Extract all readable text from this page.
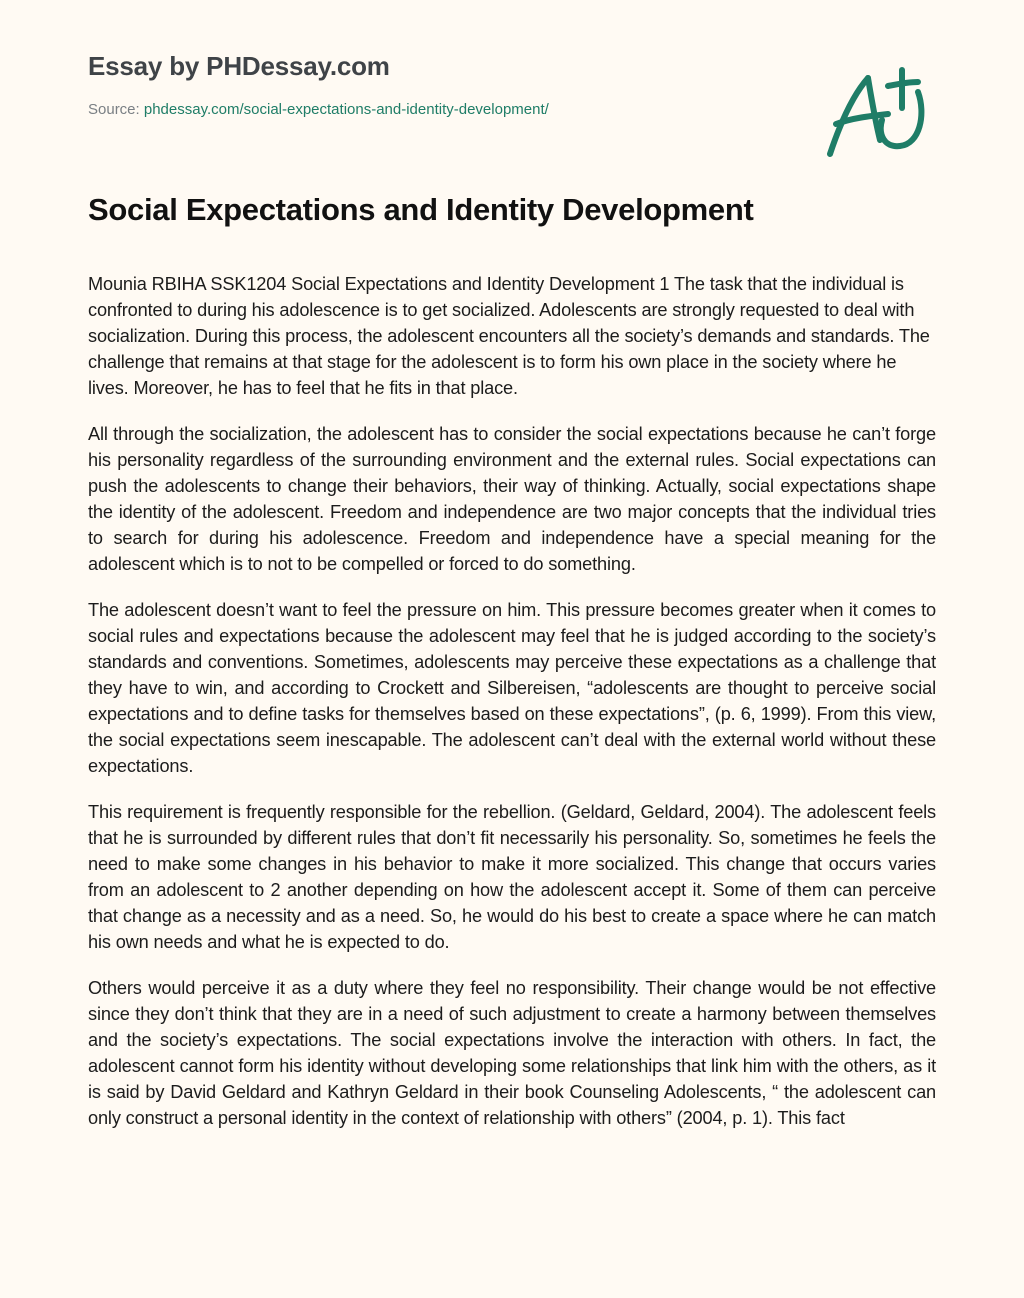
Essay by PHDessay.com
Source: phdessay.com/social-expectations-and-identity-development/
Social Expectations and Identity Development

Mounia RBIHA SSK1204 Social Expectations and Identity Development 1 The task that the individual is confronted to during his adolescence is to get socialized. Adolescents are strongly requested to deal with socialization. During this process, the adolescent encounters all the society’s demands and standards. The challenge that remains at that stage for the adolescent is to form his own place in the society where he lives. Moreover, he has to feel that he fits in that place.

All through the socialization, the adolescent has to consider the social expectations because he can’t forge his personality regardless of the surrounding environment and the external rules. Social expectations can push the adolescents to change their behaviors, their way of thinking. Actually, social expectations shape the identity of the adolescent. Freedom and independence are two major concepts that the individual tries to search for during his adolescence. Freedom and independence have a special meaning for the adolescent which is to not to be compelled or forced to do something.

The adolescent doesn’t want to feel the pressure on him. This pressure becomes greater when it comes to social rules and expectations because the adolescent may feel that he is judged according to the society’s standards and conventions. Sometimes, adolescents may perceive these expectations as a challenge that they have to win, and according to Crockett and Silbereisen, “adolescents are thought to perceive social expectations and to define tasks for themselves based on these expectations”, (p. 6, 1999). From this view, the social expectations seem inescapable. The adolescent can’t deal with the external world without these expectations.

This requirement is frequently responsible for the rebellion. (Geldard, Geldard, 2004). The adolescent feels that he is surrounded by different rules that don’t fit necessarily his personality. So, sometimes he feels the need to make some changes in his behavior to make it more socialized. This change that occurs varies from an adolescent to 2 another depending on how the adolescent accept it. Some of them can perceive that change as a necessity and as a need. So, he would do his best to create a space where he can match his own needs and what he is expected to do.

Others would perceive it as a duty where they feel no responsibility. Their change would be not effective since they don’t think that they are in a need of such adjustment to create a harmony between themselves and the society’s expectations. The social expectations involve the interaction with others. In fact, the adolescent cannot form his identity without developing some relationships that link him with the others, as it is said by David Geldard and Kathryn Geldard in their book Counseling Adolescents, “ the adolescent can only construct a personal identity in the context of relationship with others” (2004, p. 1). This fact
